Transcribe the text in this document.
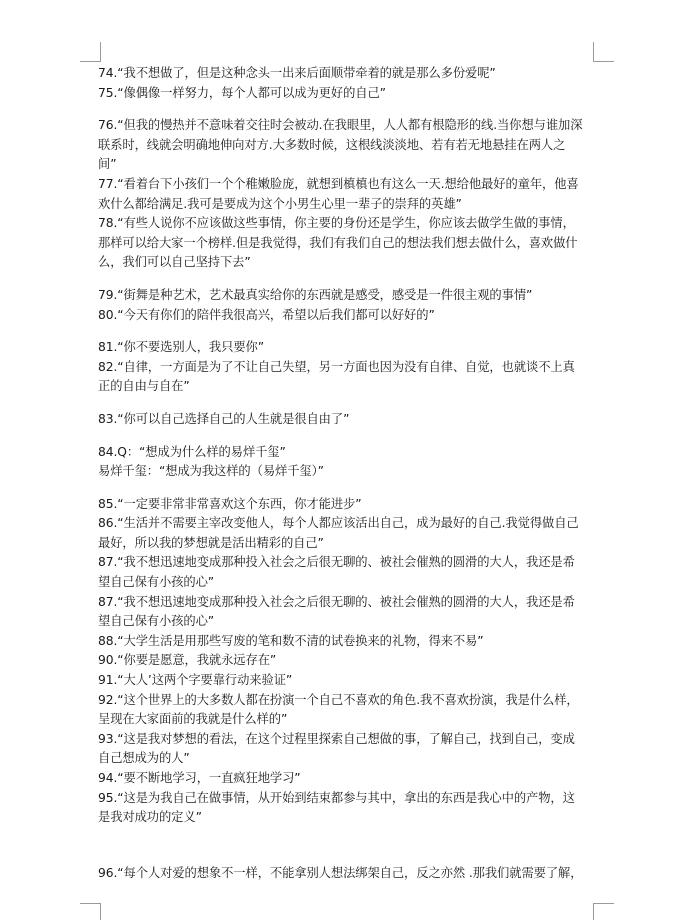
74.“我不想做了，但是这种念头一出来后面顺带牵着的就是那么多份爱呢”
75.“像偶像一样努力，每个人都可以成为更好的自己”
76.“但我的慢热并不意味着交往时会被动.在我眼里，人人都有根隐形的线.当你想与谁加深
联系时，线就会明确地伸向对方.大多数时候，这根线淡淡地、若有若无地悬挂在两人之
间”
77.“看着台下小孩们一个个稚嫩脸庞，就想到槙槙也有这么一天.想给他最好的童年，他喜
欢什么都给满足.我可是要成为这个小男生心里一辈子的崇拜的英雄”
78.“有些人说你不应该做这些事情，你主要的身份还是学生，你应该去做学生做的事情，
那样可以给大家一个榜样.但是我觉得，我们有我们自己的想法我们想去做什么，喜欢做什
么，我们可以自己坚持下去”
79.“街舞是种艺术，艺术最真实给你的东西就是感受，感受是一件很主观的事情”
80.“今天有你们的陪伴我很高兴，希望以后我们都可以好好的”
81.“你不要选别人，我只要你”
82.“自律，一方面是为了不让自己失望，另一方面也因为没有自律、自觉，也就谈不上真
正的自由与自在”
83.“你可以自己选择自己的人生就是很自由了”
84.Q：“想成为什么样的易烊千玺”
易烊千玺：“想成为我这样的（易烊千玺）”
85.“一定要非常非常喜欢这个东西，你才能进步”
86.“生活并不需要主宰改变他人，每个人都应该活出自己，成为最好的自己.我觉得做自己
最好，所以我的梦想就是活出精彩的自己”
87.“我不想迅速地变成那种投入社会之后很无聊的、被社会催熟的圆滑的大人，我还是希
望自己保有小孩的心”
87.“我不想迅速地变成那种投入社会之后很无聊的、被社会催熟的圆滑的大人，我还是希
望自己保有小孩的心”
88.“大学生活是用那些写废的笔和数不清的试卷换来的礼物，得来不易”
90.“你要是愿意，我就永远存在”
91.“大人’这两个字要靠行动来验证”
92.“这个世界上的大多数人都在扮演一个自己不喜欢的角色.我不喜欢扮演，我是什么样，
呈现在大家面前的我就是什么样的”
93.“这是我对梦想的看法，在这个过程里探索自己想做的事，了解自己，找到自己，变成
自己想成为的人”
94.“要不断地学习，一直疯狂地学习”
95.“这是为我自己在做事情，从开始到结束都参与其中，拿出的东西是我心中的产物，这
是我对成功的定义”
96.“每个人对爱的想象不一样，不能拿别人想法绑架自己，反之亦然 .那我们就需要了解，
